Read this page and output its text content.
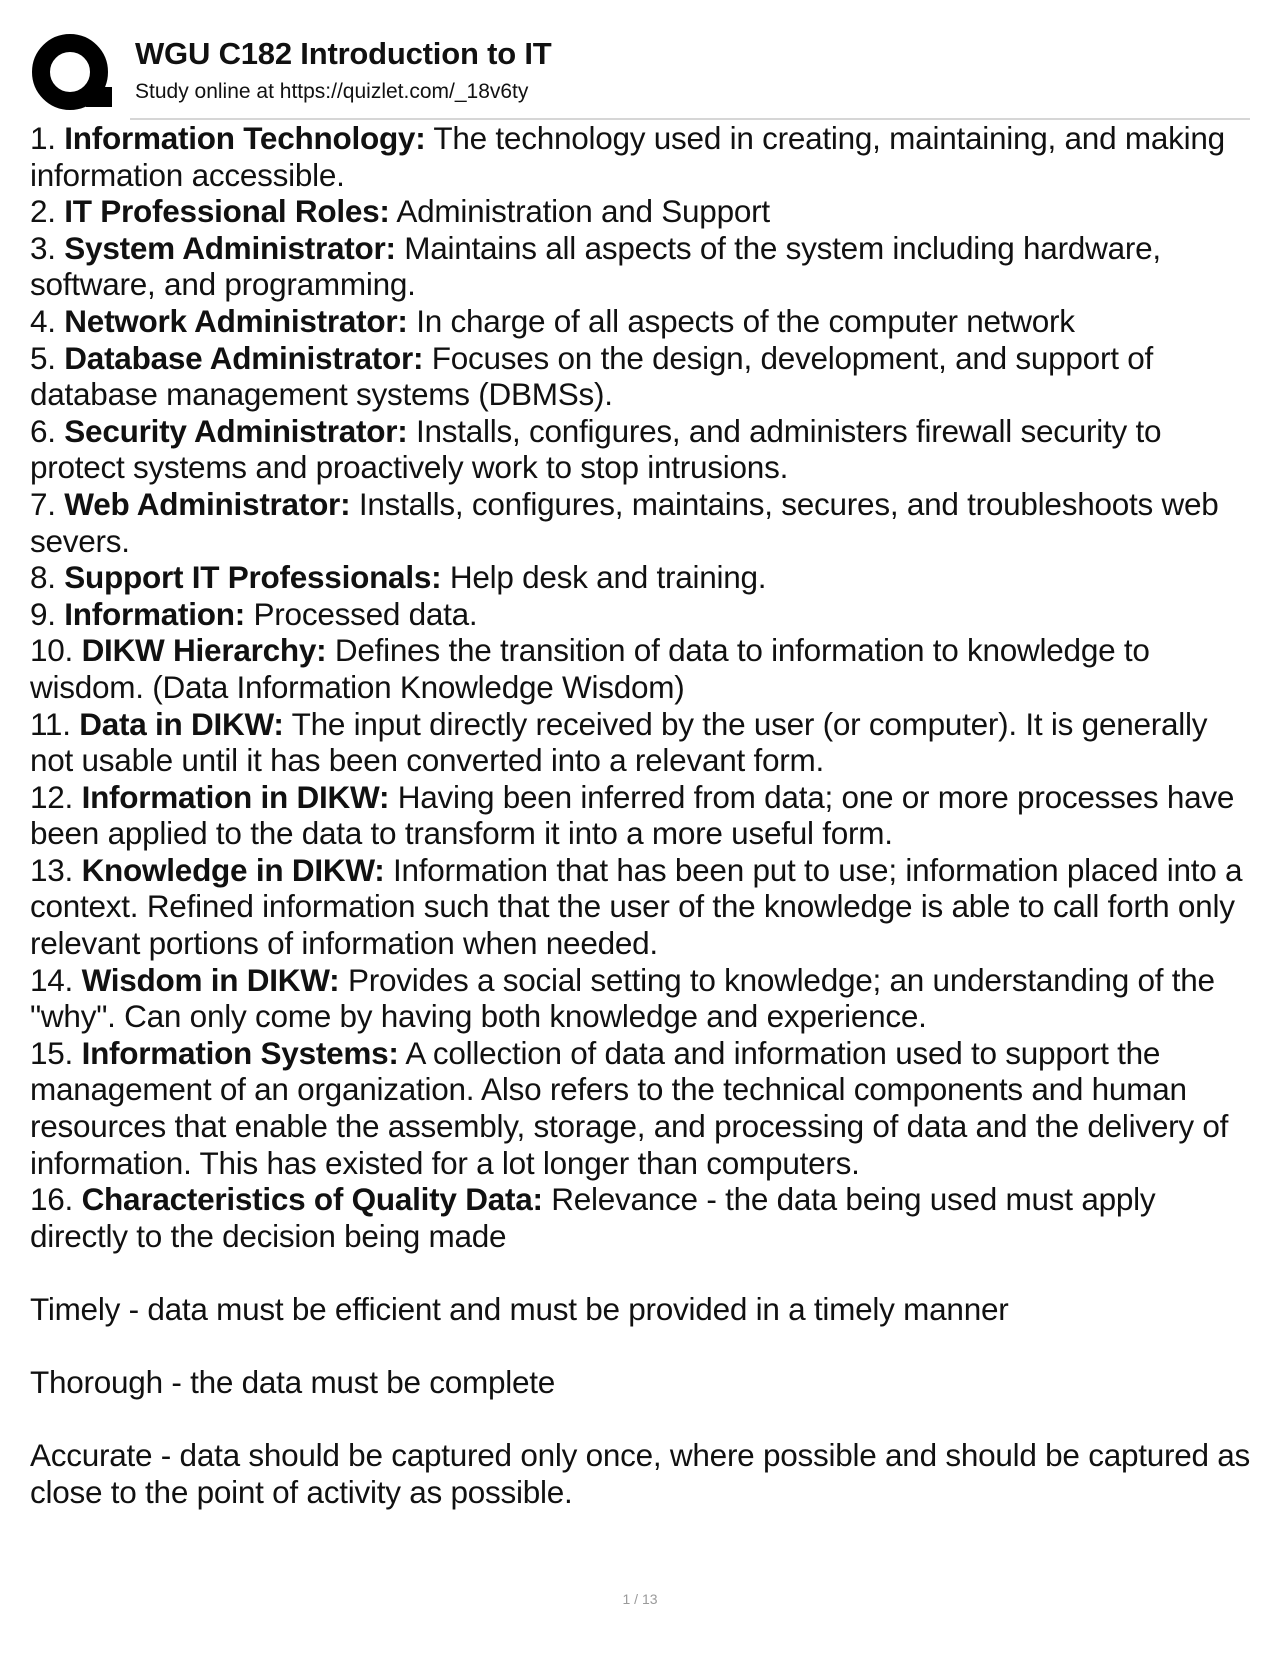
WGU C182 Introduction to IT
Study online at https://quizlet.com/_18v6ty

1. Information Technology: The technology used in creating, maintaining, and making information accessible.

2. IT Professional Roles: Administration and Support

3. System Administrator: Maintains all aspects of the system including hardware, software, and programming.

4. Network Administrator: In charge of all aspects of the computer network

5. Database Administrator: Focuses on the design, development, and support of database management systems (DBMSs).

6. Security Administrator: Installs, configures, and administers firewall security to protect systems and proactively work to stop intrusions.

7. Web Administrator: Installs, configures, maintains, secures, and troubleshoots web severs.

8. Support IT Professionals: Help desk and training.

9. Information: Processed data.

10. DIKW Hierarchy: Defines the transition of data to information to knowledge to wisdom. (Data Information Knowledge Wisdom)

11. Data in DIKW: The input directly received by the user (or computer). It is generally not usable until it has been converted into a relevant form.

12. Information in DIKW: Having been inferred from data; one or more processes have been applied to the data to transform it into a more useful form.

13. Knowledge in DIKW: Information that has been put to use; information placed into a context. Refined information such that the user of the knowledge is able to call forth only relevant portions of information when needed.

14. Wisdom in DIKW: Provides a social setting to knowledge; an understanding of the "why". Can only come by having both knowledge and experience.

15. Information Systems: A collection of data and information used to support the management of an organization. Also refers to the technical components and human resources that enable the assembly, storage, and processing of data and the delivery of information. This has existed for a lot longer than computers.

16. Characteristics of Quality Data: Relevance - the data being used must apply directly to the decision being made

Timely - data must be efficient and must be provided in a timely manner

Thorough - the data must be complete

Accurate - data should be captured only once, where possible and should be captured as close to the point of activity as possible.

1 / 13
